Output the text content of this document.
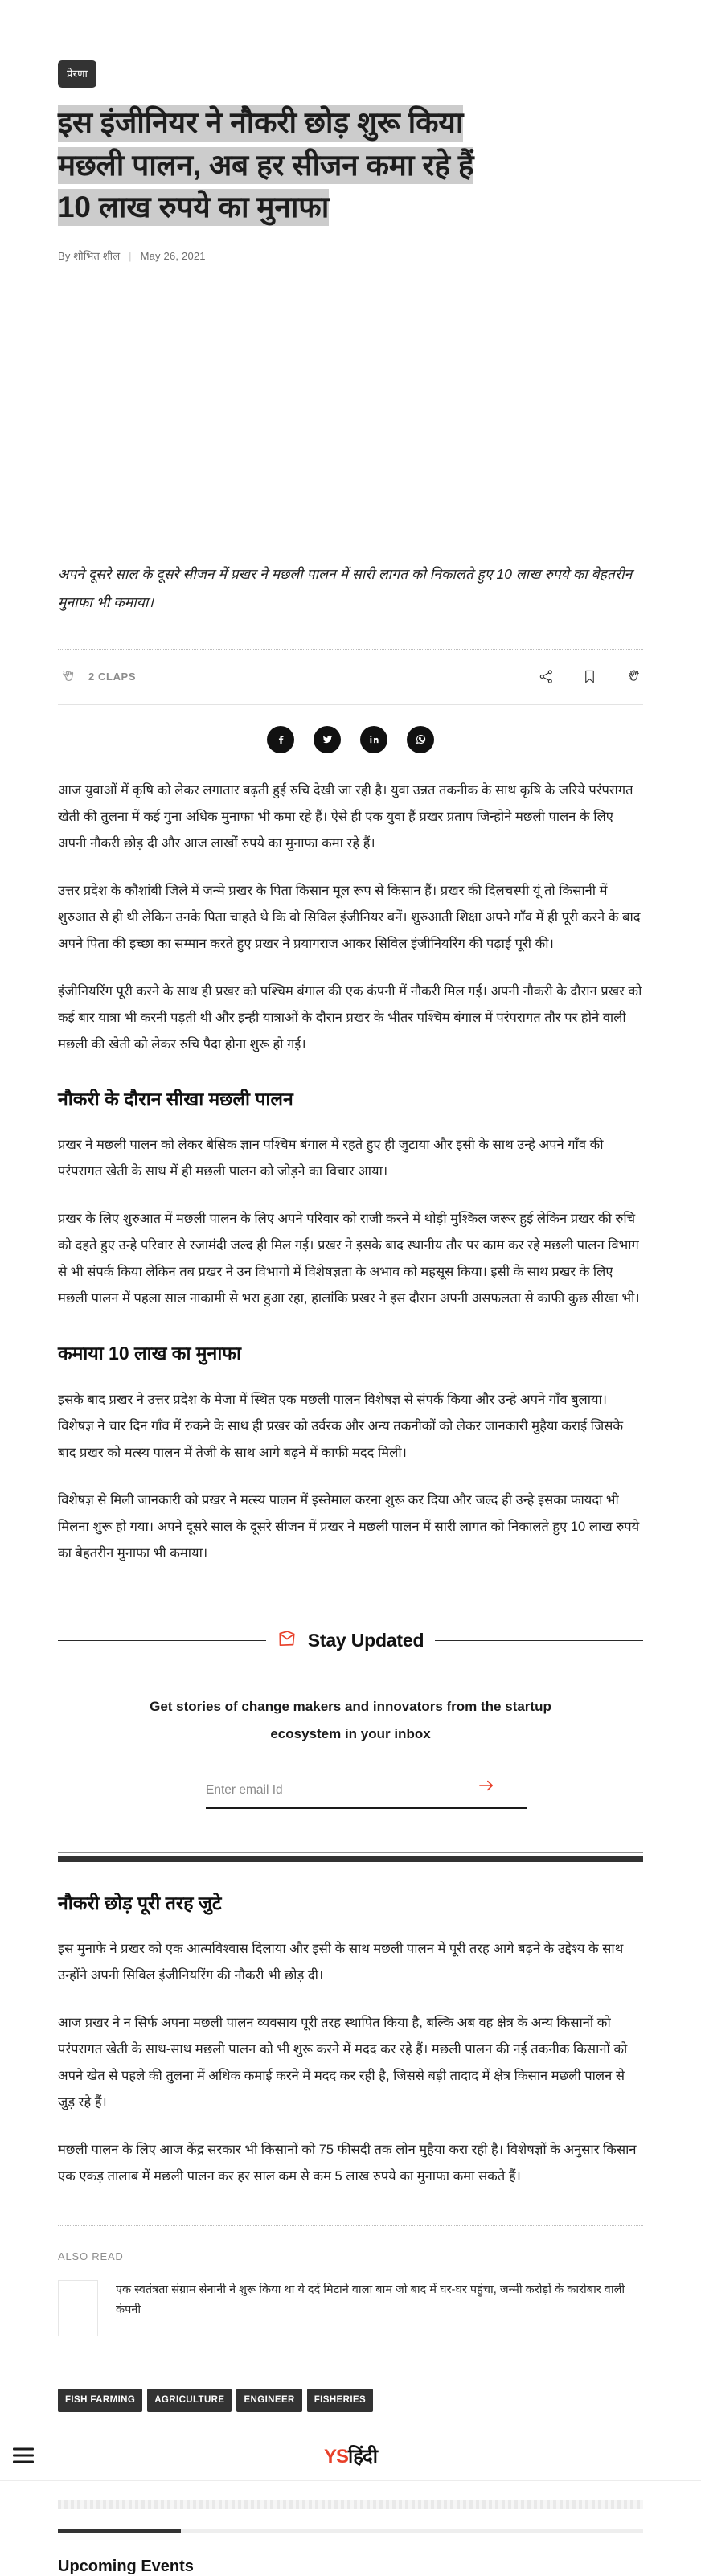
प्रेरणा
इस इंजीनियर ने नौकरी छोड़ शुरू किया
मछली पालन, अब हर सीजन कमा रहे हैं
10 लाख रुपये का मुनाफा
By शोभित शील | May 26, 2021

अपने दूसरे साल के दूसरे सीजन में प्रखर ने मछली पालन में सारी लागत को निकालते हुए 10 लाख रुपये का बेहतरीन मुनाफा भी कमाया।

2 CLAPS

आज युवाओं में कृषि को लेकर लगातार बढ़ती हुई रुचि देखी जा रही है। युवा उन्नत तकनीक के साथ कृषि के जरिये परंपरागत खेती की तुलना में कई गुना अधिक मुनाफा भी कमा रहे हैं। ऐसे ही एक युवा हैं प्रखर प्रताप जिन्होने मछली पालन के लिए अपनी नौकरी छोड़ दी और आज लाखों रुपये का मुनाफा कमा रहे हैं।

उत्तर प्रदेश के कौशांबी जिले में जन्मे प्रखर के पिता किसान मूल रूप से किसान हैं। प्रखर की दिलचस्पी यूं तो किसानी में शुरुआत से ही थी लेकिन उनके पिता चाहते थे कि वो सिविल इंजीनियर बनें। शुरुआती शिक्षा अपने गाँव में ही पूरी करने के बाद अपने पिता की इच्छा का सम्मान करते हुए प्रखर ने प्रयागराज आकर सिविल इंजीनियरिंग की पढ़ाई पूरी की।

इंजीनियरिंग पूरी करने के साथ ही प्रखर को पश्चिम बंगाल की एक कंपनी में नौकरी मिल गई। अपनी नौकरी के दौरान प्रखर को कई बार यात्रा भी करनी पड़ती थी और इन्ही यात्राओं के दौरान प्रखर के भीतर पश्चिम बंगाल में परंपरागत तौर पर होने वाली मछली की खेती को लेकर रुचि पैदा होना शुरू हो गई।

नौकरी के दौरान सीखा मछली पालन

प्रखर ने मछली पालन को लेकर बेसिक ज्ञान पश्चिम बंगाल में रहते हुए ही जुटाया और इसी के साथ उन्हे अपने गाँव की परंपरागत खेती के साथ में ही मछली पालन को जोड़ने का विचार आया।

प्रखर के लिए शुरुआत में मछली पालन के लिए अपने परिवार को राजी करने में थोड़ी मुश्किल जरूर हुई लेकिन प्रखर की रुचि को दहते हुए उन्हे परिवार से रजामंदी जल्द ही मिल गई। प्रखर ने इसके बाद स्थानीय तौर पर काम कर रहे मछली पालन विभाग से भी संपर्क किया लेकिन तब प्रखर ने उन विभागों में विशेषज्ञता के अभाव को महसूस किया। इसी के साथ प्रखर के लिए मछली पालन में पहला साल नाकामी से भरा हुआ रहा, हालांकि प्रखर ने इस दौरान अपनी असफलता से काफी कुछ सीखा भी।

कमाया 10 लाख का मुनाफा

इसके बाद प्रखर ने उत्तर प्रदेश के मेजा में स्थित एक मछली पालन विशेषज्ञ से संपर्क किया और उन्हे अपने गाँव बुलाया। विशेषज्ञ ने चार दिन गाँव में रुकने के साथ ही प्रखर को उर्वरक और अन्य तकनीकों को लेकर जानकारी मुहैया कराई जिसके बाद प्रखर को मत्स्य पालन में तेजी के साथ आगे बढ़ने में काफी मदद मिली।

विशेषज्ञ से मिली जानकारी को प्रखर ने मत्स्य पालन में इस्तेमाल करना शुरू कर दिया और जल्द ही उन्हे इसका फायदा भी मिलना शुरू हो गया। अपने दूसरे साल के दूसरे सीजन में प्रखर ने मछली पालन में सारी लागत को निकालते हुए 10 लाख रुपये का बेहतरीन मुनाफा भी कमाया।

Stay Updated
Get stories of change makers and innovators from the startup ecosystem in your inbox
Enter email Id
नौकरी छोड़ पूरी तरह जुटे

इस मुनाफे ने प्रखर को एक आत्मविश्वास दिलाया और इसी के साथ मछली पालन में पूरी तरह आगे बढ़ने के उद्देश्य के साथ उन्होंने अपनी सिविल इंजीनियरिंग की नौकरी भी छोड़ दी।

आज प्रखर ने न सिर्फ अपना मछली पालन व्यवसाय पूरी तरह स्थापित किया है, बल्कि अब वह क्षेत्र के अन्य किसानों को परंपरागत खेती के साथ-साथ मछली पालन को भी शुरू करने में मदद कर रहे हैं। मछली पालन की नई तकनीक किसानों को अपने खेत से पहले की तुलना में अधिक कमाई करने में मदद कर रही है, जिससे बड़ी तादाद में क्षेत्र किसान मछली पालन से जुड़ रहे हैं।

मछली पालन के लिए आज केंद्र सरकार भी किसानों को 75 फीसदी तक लोन मुहैया करा रही है। विशेषज्ञों के अनुसार किसान एक एकड़ तालाब में मछली पालन कर हर साल कम से कम 5 लाख रुपये का मुनाफा कमा सकते हैं।

ALSO READ
एक स्वतंत्रता संग्राम सेनानी ने शुरू किया था ये दर्द मिटाने वाला बाम जो बाद में घर-घर पहुंचा, जन्मी करोड़ों के कारोबार वाली कंपनी
FISH FARMING	AGRICULTURE	ENGINEER	FISHERIES
YS हिंदी
Upcoming Events
